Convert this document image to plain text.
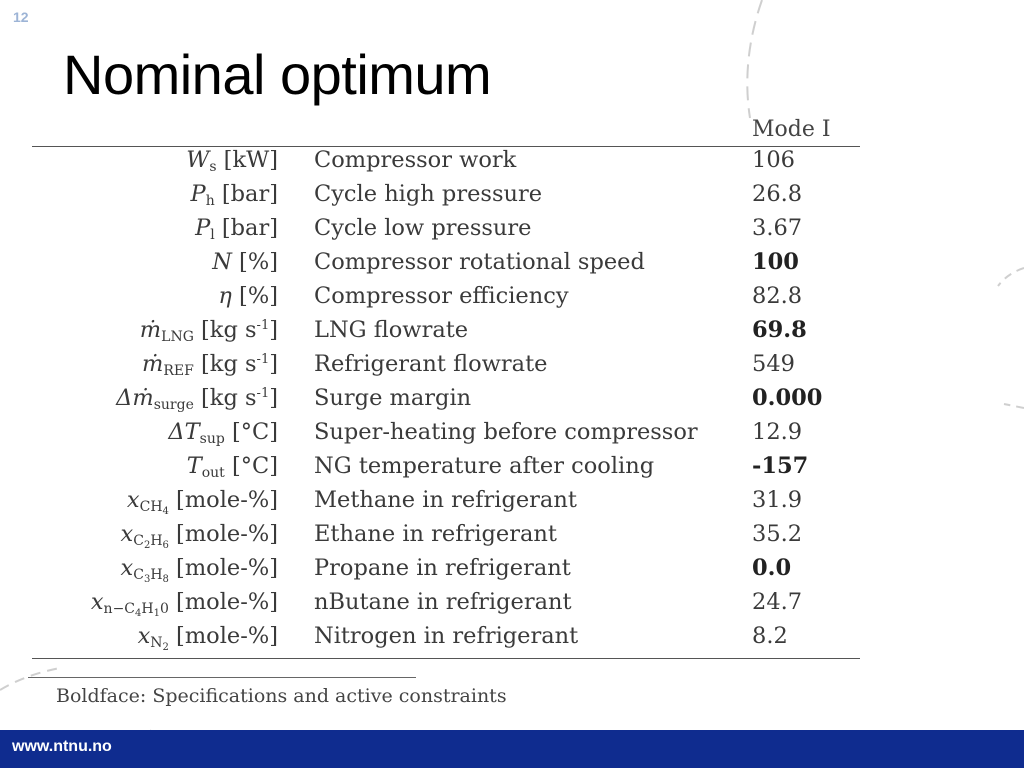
12
Nominal optimum
Mode I
$W_s$ [kW] Compressor work	106
$P_h$ [bar] Cycle high pressure	26.8
$P_l$ [bar] Cycle low pressure	3.67
N [%] Compressor rotational speed	100
η [%] Compressor efficiency	82.8
ṁ$_{LNG}$ [kg $s^{-1}$] LNG flowrate	69.8
ṁ$_{REF}$ [kg $s^{-1}$] Refrigerant flowrate	549
Δṁ$_{surge}$ [kg $s^{-1}$] Surge margin	0.000
$\Delta T_{sup}$ [°C] Super-heating before compressor 12.9
$T_{out}$ [°C] NG temperature after cooling	-157
$x_{CH_4}$ [mole-%] Methane in refrigerant	31.9
$x_{C_2H_6}$ [mole-%] Ethane in refrigerant	35.2
$x_{C_3H_8}$ [mole-%] Propane in refrigerant	0.0
$x_{n-C_4H_10}$ [mole-%] nButane in refrigerant	24.7
$x_{N_2}$ [mole-%] Nitrogen in refrigerant	8.2
Boldface: Specifications and active constraints
www.ntnu.no
